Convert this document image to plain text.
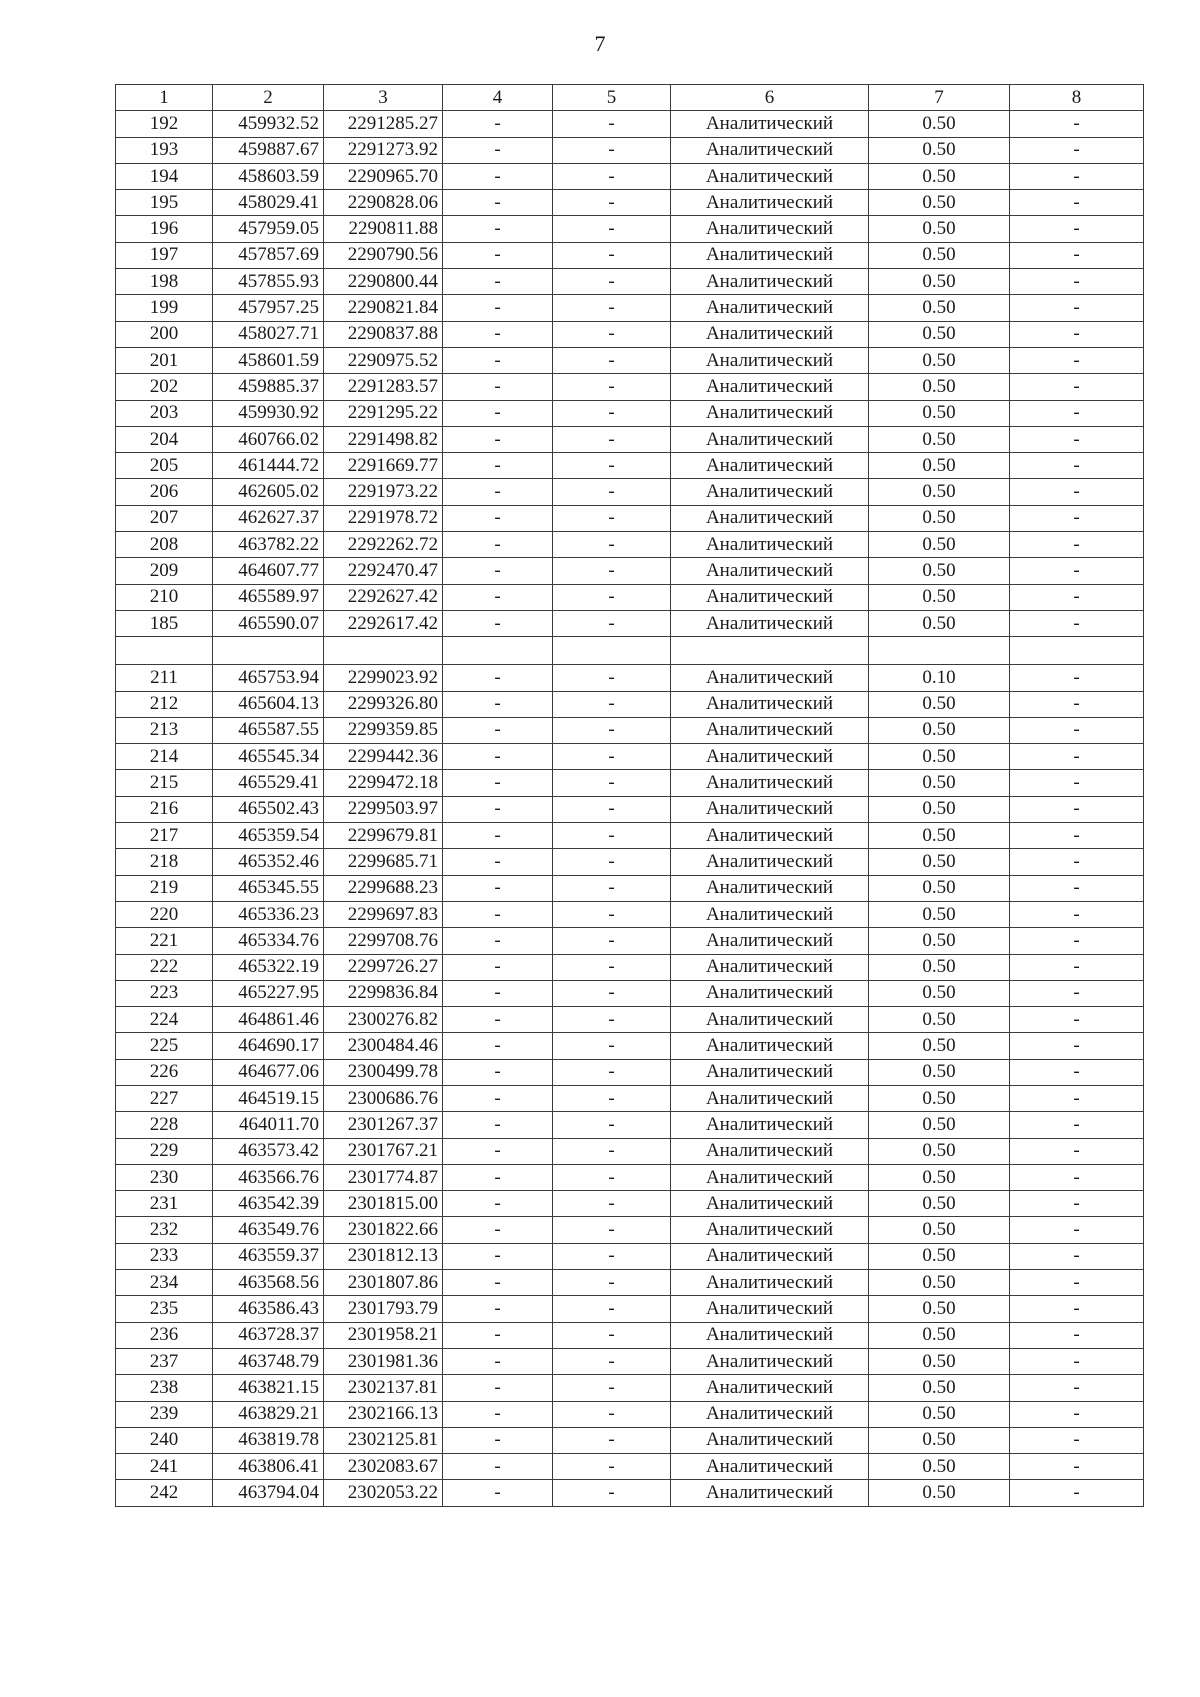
7
1	2	3	4	5	6	7	8
192	459932.52	2291285.27	-	-	Аналитический	0.50	-
193	459887.67	2291273.92	-	-	Аналитический	0.50	-
194	458603.59	2290965.70	-	-	Аналитический	0.50	-
195	458029.41	2290828.06	-	-	Аналитический	0.50	-
196	457959.05	2290811.88	-	-	Аналитический	0.50	-
197	457857.69	2290790.56	-	-	Аналитический	0.50	-
198	457855.93	2290800.44	-	-	Аналитический	0.50	-
199	457957.25	2290821.84	-	-	Аналитический	0.50	-
200	458027.71	2290837.88	-	-	Аналитический	0.50	-
201	458601.59	2290975.52	-	-	Аналитический	0.50	-
202	459885.37	2291283.57	-	-	Аналитический	0.50	-
203	459930.92	2291295.22	-	-	Аналитический	0.50	-
204	460766.02	2291498.82	-	-	Аналитический	0.50	-
205	461444.72	2291669.77	-	-	Аналитический	0.50	-
206	462605.02	2291973.22	-	-	Аналитический	0.50	-
207	462627.37	2291978.72	-	-	Аналитический	0.50	-
208	463782.22	2292262.72	-	-	Аналитический	0.50	-
209	464607.77	2292470.47	-	-	Аналитический	0.50	-
210	465589.97	2292627.42	-	-	Аналитический	0.50	-
185	465590.07	2292617.42	-	-	Аналитический	0.50	-

211	465753.94	2299023.92	-	-	Аналитический	0.10	-
212	465604.13	2299326.80	-	-	Аналитический	0.50	-
213	465587.55	2299359.85	-	-	Аналитический	0.50	-
214	465545.34	2299442.36	-	-	Аналитический	0.50	-
215	465529.41	2299472.18	-	-	Аналитический	0.50	-
216	465502.43	2299503.97	-	-	Аналитический	0.50	-
217	465359.54	2299679.81	-	-	Аналитический	0.50	-
218	465352.46	2299685.71	-	-	Аналитический	0.50	-
219	465345.55	2299688.23	-	-	Аналитический	0.50	-
220	465336.23	2299697.83	-	-	Аналитический	0.50	-
221	465334.76	2299708.76	-	-	Аналитический	0.50	-
222	465322.19	2299726.27	-	-	Аналитический	0.50	-
223	465227.95	2299836.84	-	-	Аналитический	0.50	-
224	464861.46	2300276.82	-	-	Аналитический	0.50	-
225	464690.17	2300484.46	-	-	Аналитический	0.50	-
226	464677.06	2300499.78	-	-	Аналитический	0.50	-
227	464519.15	2300686.76	-	-	Аналитический	0.50	-
228	464011.70	2301267.37	-	-	Аналитический	0.50	-
229	463573.42	2301767.21	-	-	Аналитический	0.50	-
230	463566.76	2301774.87	-	-	Аналитический	0.50	-
231	463542.39	2301815.00	-	-	Аналитический	0.50	-
232	463549.76	2301822.66	-	-	Аналитический	0.50	-
233	463559.37	2301812.13	-	-	Аналитический	0.50	-
234	463568.56	2301807.86	-	-	Аналитический	0.50	-
235	463586.43	2301793.79	-	-	Аналитический	0.50	-
236	463728.37	2301958.21	-	-	Аналитический	0.50	-
237	463748.79	2301981.36	-	-	Аналитический	0.50	-
238	463821.15	2302137.81	-	-	Аналитический	0.50	-
239	463829.21	2302166.13	-	-	Аналитический	0.50	-
240	463819.78	2302125.81	-	-	Аналитический	0.50	-
241	463806.41	2302083.67	-	-	Аналитический	0.50	-
242	463794.04	2302053.22	-	-	Аналитический	0.50	-
